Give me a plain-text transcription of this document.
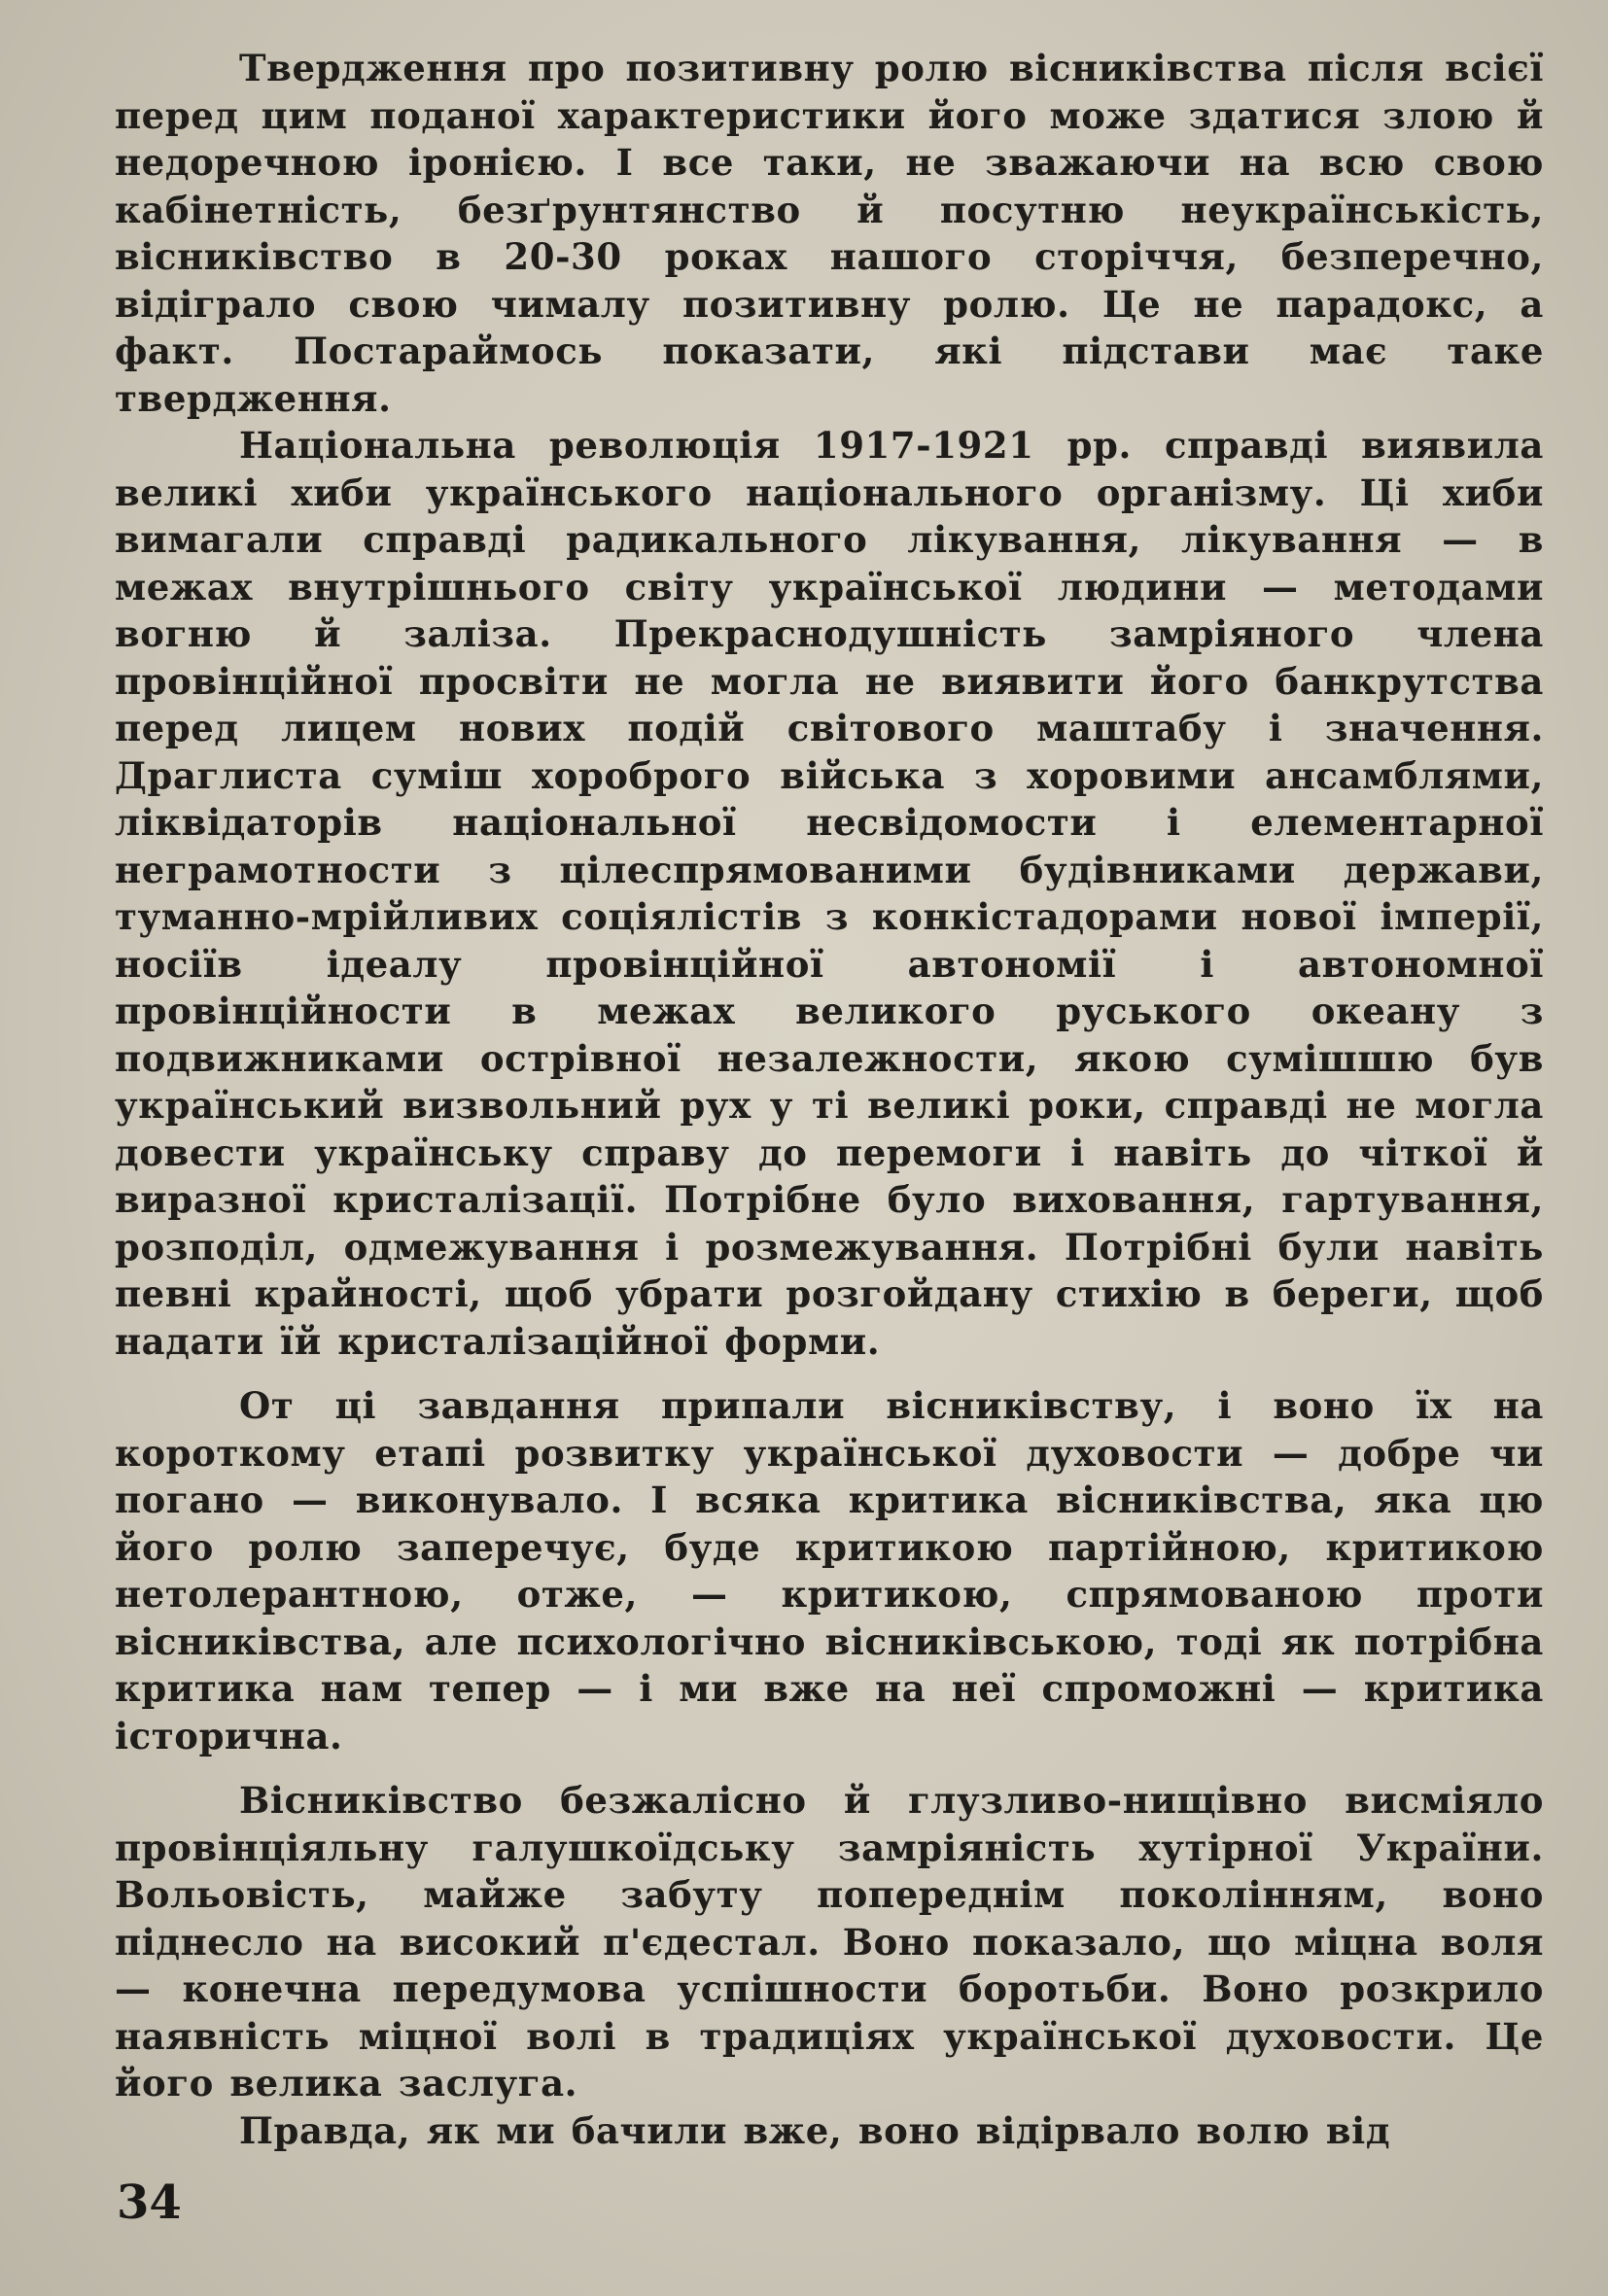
Твердження про позитивну ролю вісниківства після всієї перед цим поданої характеристики його може здатися злою й недоречною іронією. І все таки, не зважаючи на всю свою кабінетність, безґрунтянство й посутню неукраїнськість, вісниківство в 20-30 роках нашого сторіччя, безперечно, відіграло свою чималу позитивну ролю. Це не парадокс, а факт. Постараймось показати, які підстави має таке твердження.

Національна революція 1917-1921 рр. справді виявила великі хиби українського національного організму. Ці хиби вимагали справді радикального лікування, лікування — в межах внутрішнього світу української людини — методами вогню й заліза. Прекраснодушність замріяного члена провінційної просвіти не могла не виявити його банкрутства перед лицем нових подій світового маштабу і значення. Драглиста суміш хороброго війська з хоровими ансамблями, ліквідаторів національної несвідомости і елементарної неграмотности з цілеспрямованими будівниками держави, туманно-мрійливих соціялістів з конкістадорами нової імперії, носіїв ідеалу провінційної автономії і автономної провінційности в межах великого руського океану з подвижниками острівної незалежности, якою сумішшю був український визвольний рух у ті великі роки, справді не могла довести українську справу до перемоги і навіть до чіткої й виразної кристалізації. Потрібне було виховання, гартування, розподіл, одмежування і розмежування. Потрібні були навіть певні крайності, щоб убрати розгойдану стихію в береги, щоб надати їй кристалізаційної форми.

От ці завдання припали вісниківству, і воно їх на короткому етапі розвитку української духовости — добре чи погано — виконувало. І всяка критика вісниківства, яка цю його ролю заперечує, буде критикою партійною, критикою нетолерантною, отже, — критикою, спрямованою проти вісниківства, але психологічно вісниківською, тоді як потрібна критика нам тепер — і ми вже на неї спроможні — критика історична.

Вісниківство безжалісно й глузливо-нищівно висміяло провінціяльну галушкоїдську замріяність хутірної України. Вольовість, майже забуту попереднім поколінням, воно піднесло на високий п'єдестал. Воно показало, що міцна воля — конечна передумова успішности боротьби. Воно розкрило наявність міцної волі в традиціях української духовости. Це його велика заслуга.

Правда, як ми бачили вже, воно відірвало волю від

34
